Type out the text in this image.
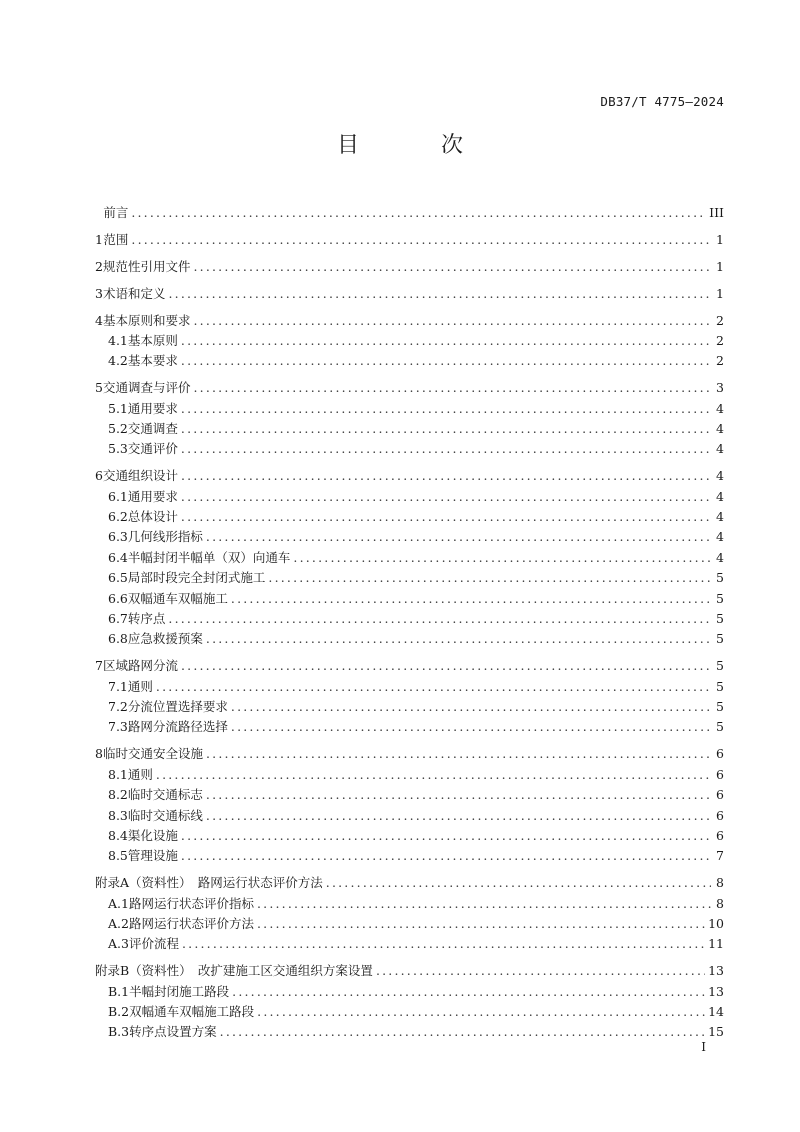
DB37/T 4775—2024
目　次
前言 .....	III
1 范围 .....	1
2 规范性引用文件 .....	1
3 术语和定义 .....	1
4 基本原则和要求 .....	2
4.1 基本原则 .....	2
4.2 基本要求 .....	2
5 交通调查与评价 .....	3
5.1 通用要求 .....	4
5.2 交通调查 .....	4
5.3 交通评价 .....	4
6 交通组织设计 .....	4
6.1 通用要求 .....	4
6.2 总体设计 .....	4
6.3 几何线形指标 .....	4
6.4 半幅封闭半幅单（双）向通车 .....	4
6.5 局部时段完全封闭式施工 .....	5
6.6 双幅通车双幅施工 .....	5
6.7 转序点 .....	5
6.8 应急救援预案 .....	5
7 区域路网分流 .....	5
7.1 通则 .....	5
7.2 分流位置选择要求 .....	5
7.3 路网分流路径选择 .....	5
8 临时交通安全设施 .....	6
8.1 通则 .....	6
8.2 临时交通标志 .....	6
8.3 临时交通标线 .....	6
8.4 渠化设施 .....	6
8.5 管理设施 .....	7
附录A（资料性）　路网运行状态评价方法 .....	8
A.1 路网运行状态评价指标 .....	8
A.2 路网运行状态评价方法 .....	10
A.3 评价流程 .....	11
附录B（资料性）　改扩建施工区交通组织方案设置 .....	13
B.1 半幅封闭施工路段 .....	13
B.2 双幅通车双幅施工路段 .....	14
B.3 转序点设置方案 .....	15
I
